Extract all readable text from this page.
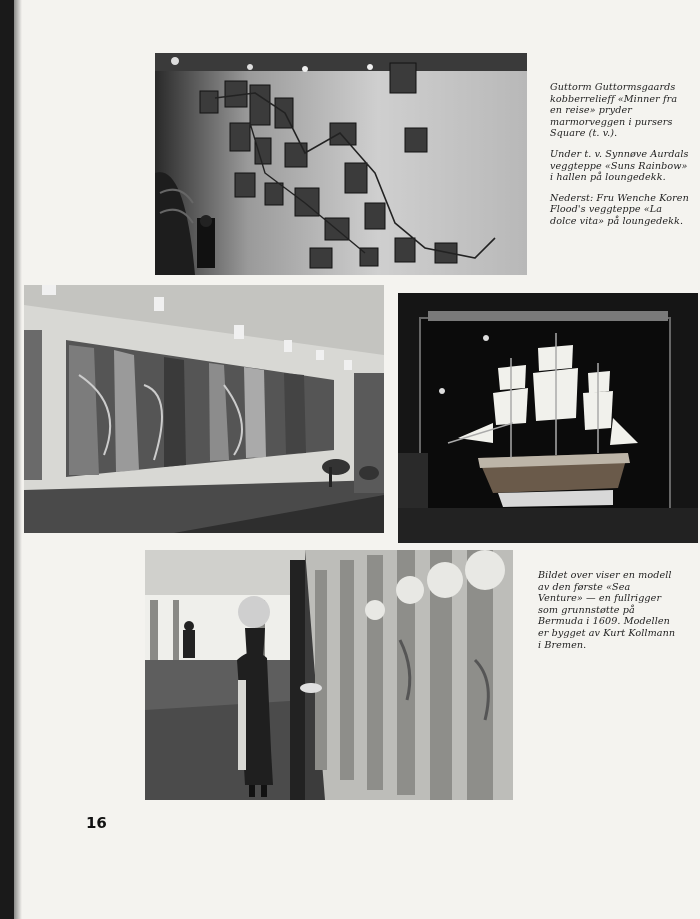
Guttorm Guttormsgaards kobberrelieff «Minner fra en reise» pryder marmorveggen i pursers Square (t. v.).

Under t. v. Synnøve Aurdals veggteppe «Suns Rainbow» i hallen på loungedekk.

Nederst: Fru Wenche Koren Flood's veggteppe «La dolce vita» på loungedekk.

Bildet over viser en modell av den første «Sea Venture» — en fullrigger som grunnstøtte på Bermuda i 1609. Modellen er bygget av Kurt Kollmann i Bremen.
16
